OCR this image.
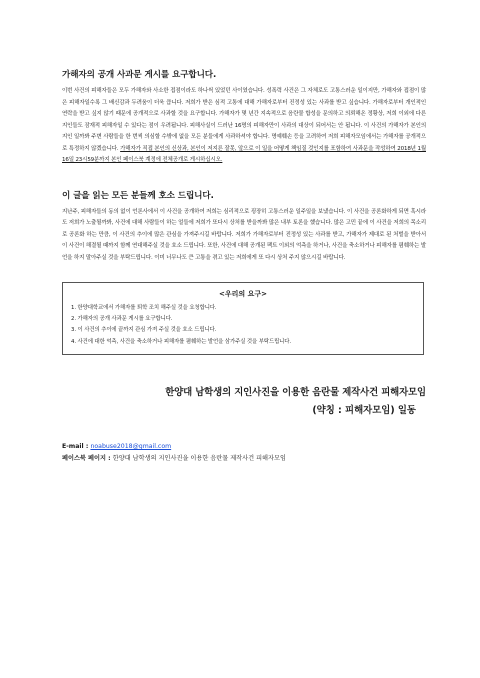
가해자의 공개 사과문 게시를 요구합니다.

이번 사건의 피해자들은 모두 가해자와 사소한 접점이라도 하나씩 있었던 사이였습니다. 성폭력 사건은 그 자체로도 고통스러운 일이지만, 가해자와 접점이 많은 피해자일수록 그 배신감과 두려움이 더욱 큽니다. 저희가 받은 심적 고통에 대해 가해자로부터 진정성 있는 사과를 받고 싶습니다. 가해자로부터 개인적인 연락을 받고 싶지 않기 때문에 공개적으로 사과할 것을 요구합니다. 가해자가 몇 년간 지속적으로 음란물 합성을 문의하고 의뢰해온 정황상, 저희 이외에 다른 지인들도 잠재적 피해자일 수 있다는 점이 우려됩니다. 피해사실이 드러난 16명의 피해자만이 사과의 대상이 되어서는 안 됩니다. 이 사건의 가해자가 본인의 지인 일까봐 주변 사람들을 한 번씩 의심할 수밖에 없을 모든 분들에게 사과하셔야 합니다. 명예훼손 등을 고려하여 저희 피해자모임에서는 가해자를 공개적으로 특정하지 않겠습니다. 가해자가 직접 본인의 신상과, 본인이 저지른 잘못, 앞으로 이 일을 어떻게 책임질 것인지를 포함하여 사과문을 작성하여 2018년 1월 16일 23시59분까지 본인 페이스북 계정에 전체공개로 게시하십시오.

이 글을 읽는 모든 분들께 호소 드립니다.

지난주, 피해자들의 동의 없이 언론사에서 이 사건을 공개하여 저희는 심리적으로 굉장히 고통스러운 일주일을 보냈습니다. 이 사건을 공론화하게 되면 혹시라도 저희가 노출될까봐, 사건에 대해 사람들이 하는 얼들에 저희가 또다시 상처를 받을까봐 많은 내부 토론을 했습니다. 많은 고민 끝에 이 사건을 저희의 목소리로 공론화 하는 만큼, 이 사건의 추이에 많은 관심을 가져주시길 바랍니다. 저희가 가해자로부터 진정성 있는 사과를 받고, 가해자가 제대로 된 처벌을 받아서 이 사건이 해결될 때까지 함께 연대해주실 것을 호소 드립니다. 또한, 사건에 대해 공개된 팩트 이외의 억측을 하거나, 사건을 축소하거나 피해자를 폄훼하는 발언을 하지 말아주실 것을 부탁드립니다. 이미 너무나도 큰 고통을 겪고 있는 저희에게 또 다시 상처 주지 않으시길 바랍니다.

<우리의 요구>
1. 한양대학교에서 가해자를 퇴학 조치 해주실 것을 요청합니다.
2. 가해자의 공개 사과문 게시를 요구합니다.
3. 이 사건의 추이에 끝까지 관심 가져 주실 것을 호소 드립니다.
4. 사건에 대한 억측, 사건을 축소하거나 피해자를 폄훼하는 발언을 삼가주실 것을 부탁드립니다.
한양대 남학생의 지인사진을 이용한 음란물 제작사건 피해자모임
(약칭 : 피해자모임) 일동
E-mail : noabuse2018@gmail.com
페이스북 페이지 : 한양대 남학생의 지인사진을 이용한 음란물 제작사건 피해자모임
